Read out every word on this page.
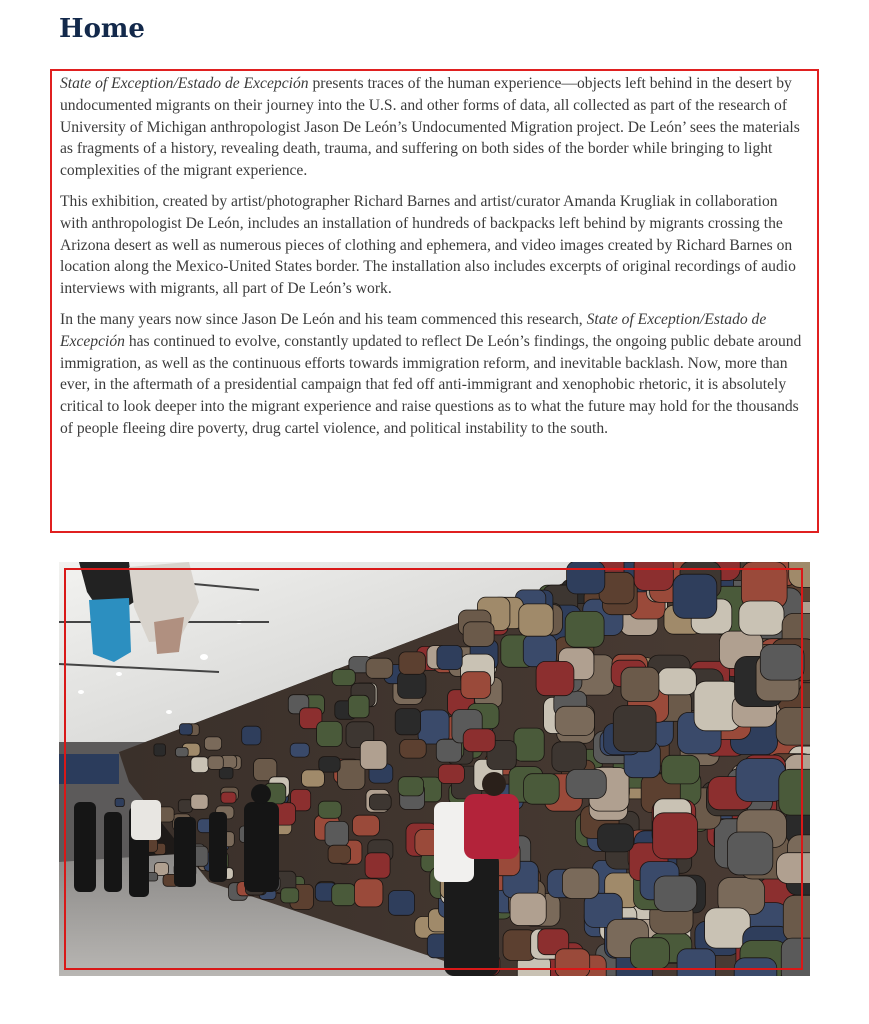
Home

State of Exception/Estado de Excepción presents traces of the human experience—objects left behind in the desert by undocumented migrants on their journey into the U.S. and other forms of data, all collected as part of the research of University of Michigan anthropologist Jason De León’s Undocumented Migration project. De León’ sees the materials as fragments of a history, revealing death, trauma, and suffering on both sides of the border while bringing to light complexities of the migrant experience.

This exhibition, created by artist/photographer Richard Barnes and artist/curator Amanda Krugliak in collaboration with anthropologist De León, includes an installation of hundreds of backpacks left behind by migrants crossing the Arizona desert as well as numerous pieces of clothing and ephemera, and video images created by Richard Barnes on location along the Mexico-United States border. The installation also includes excerpts of original recordings of audio interviews with migrants, all part of De León’s work.

In the many years now since Jason De León and his team commenced this research, State of Exception/Estado de Excepción has continued to evolve, constantly updated to reflect De León’s findings, the ongoing public debate around immigration, as well as the continuous efforts towards immigration reform, and inevitable backlash. Now, more than ever, in the aftermath of a presidential campaign that fed off anti-immigrant and xenophobic rhetoric, it is absolutely critical to look deeper into the migrant experience and raise questions as to what the future may hold for the thousands of people fleeing dire poverty, drug cartel violence, and political instability to the south.
